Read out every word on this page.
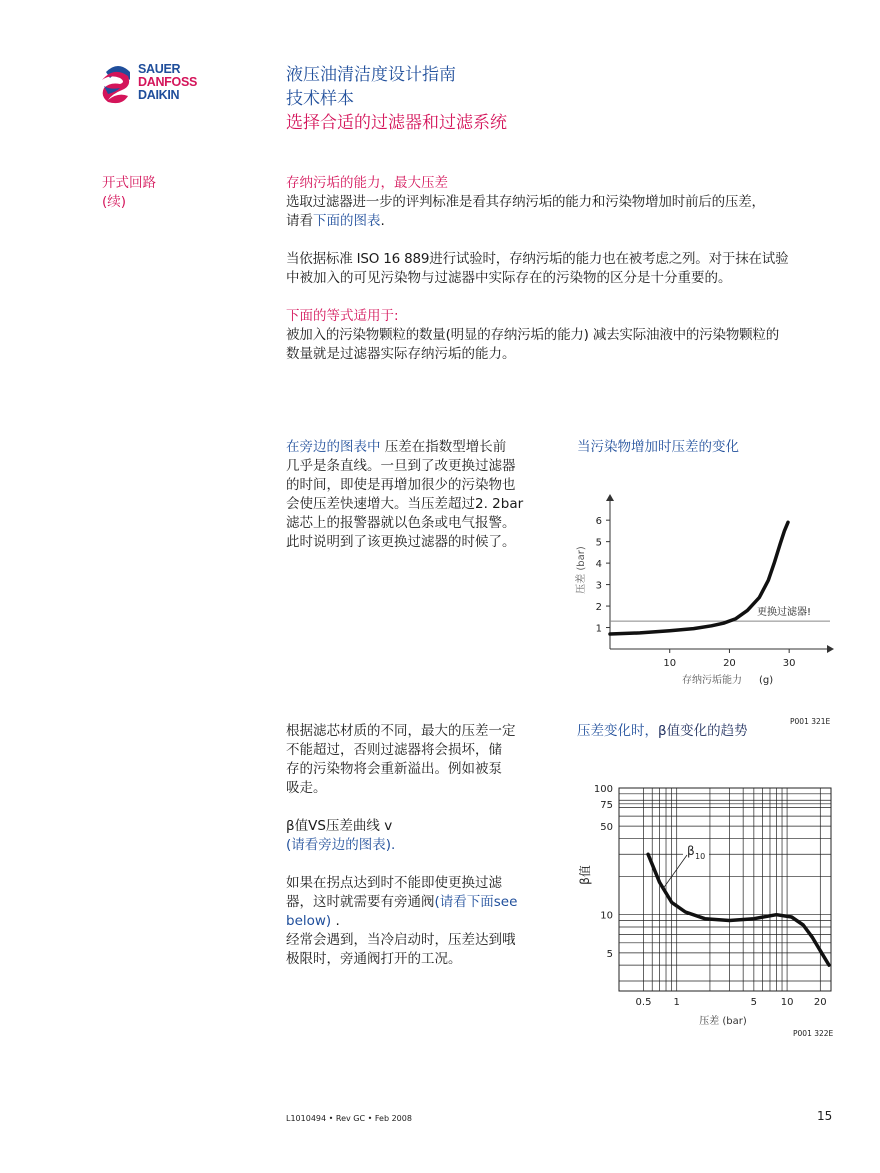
SAUER
DANFOSS
DAIKIN
液压油清洁度设计指南
技术样本
选择合适的过滤器和过滤系统
开式回路
(续)

存纳污垢的能力，最大压差

选取过滤器进一步的评判标准是看其存纳污垢的能力和污染物增加时前后的压差，

请看下面的图表.

当依据标准 ISO 16 889进行试验时，存纳污垢的能力也在被考虑之列。对于抹在试验

中被加入的可见污染物与过滤器中实际存在的污染物的区分是十分重要的。

下面的等式适用于:

被加入的污染物颗粒的数量(明显的存纳污垢的能力) 减去实际油液中的污染物颗粒的

数量就是过滤器实际存纳污垢的能力。

在旁边的图表中 压差在指数型增长前

几乎是条直线。一旦到了改更换过滤器

的时间，即使是再增加很少的污染物也

会使压差快速增大。当压差超过2. 2bar

滤芯上的报警器就以色条或电气报警。

此时说明到了该更换过滤器的时候了。

当污染物增加时压差的变化
1
2
3
4
5
6
10	20	30
压差 (bar)
存纳污垢能力 (g)
更换过滤器!
P001 321E

根据滤芯材质的不同，最大的压差一定

不能超过，否则过滤器将会损坏，储

存的污染物将会重新溢出。例如被泵

吸走。

β值VS压差曲线 v

(请看旁边的图表).

如果在拐点达到时不能即使更换过滤

器，这时就需要有旁通阀(请看下面see

below) .

经常会遇到，当冷启动时，压差达到哦

极限时，旁通阀打开的工况。

压差变化时，β值变化的趋势
5
10
50
75
100
0.5 1	5 10 20
β值
压差 (bar)
β 10
P001 322E
L1010494 • Rev GC • Feb 2008	15
